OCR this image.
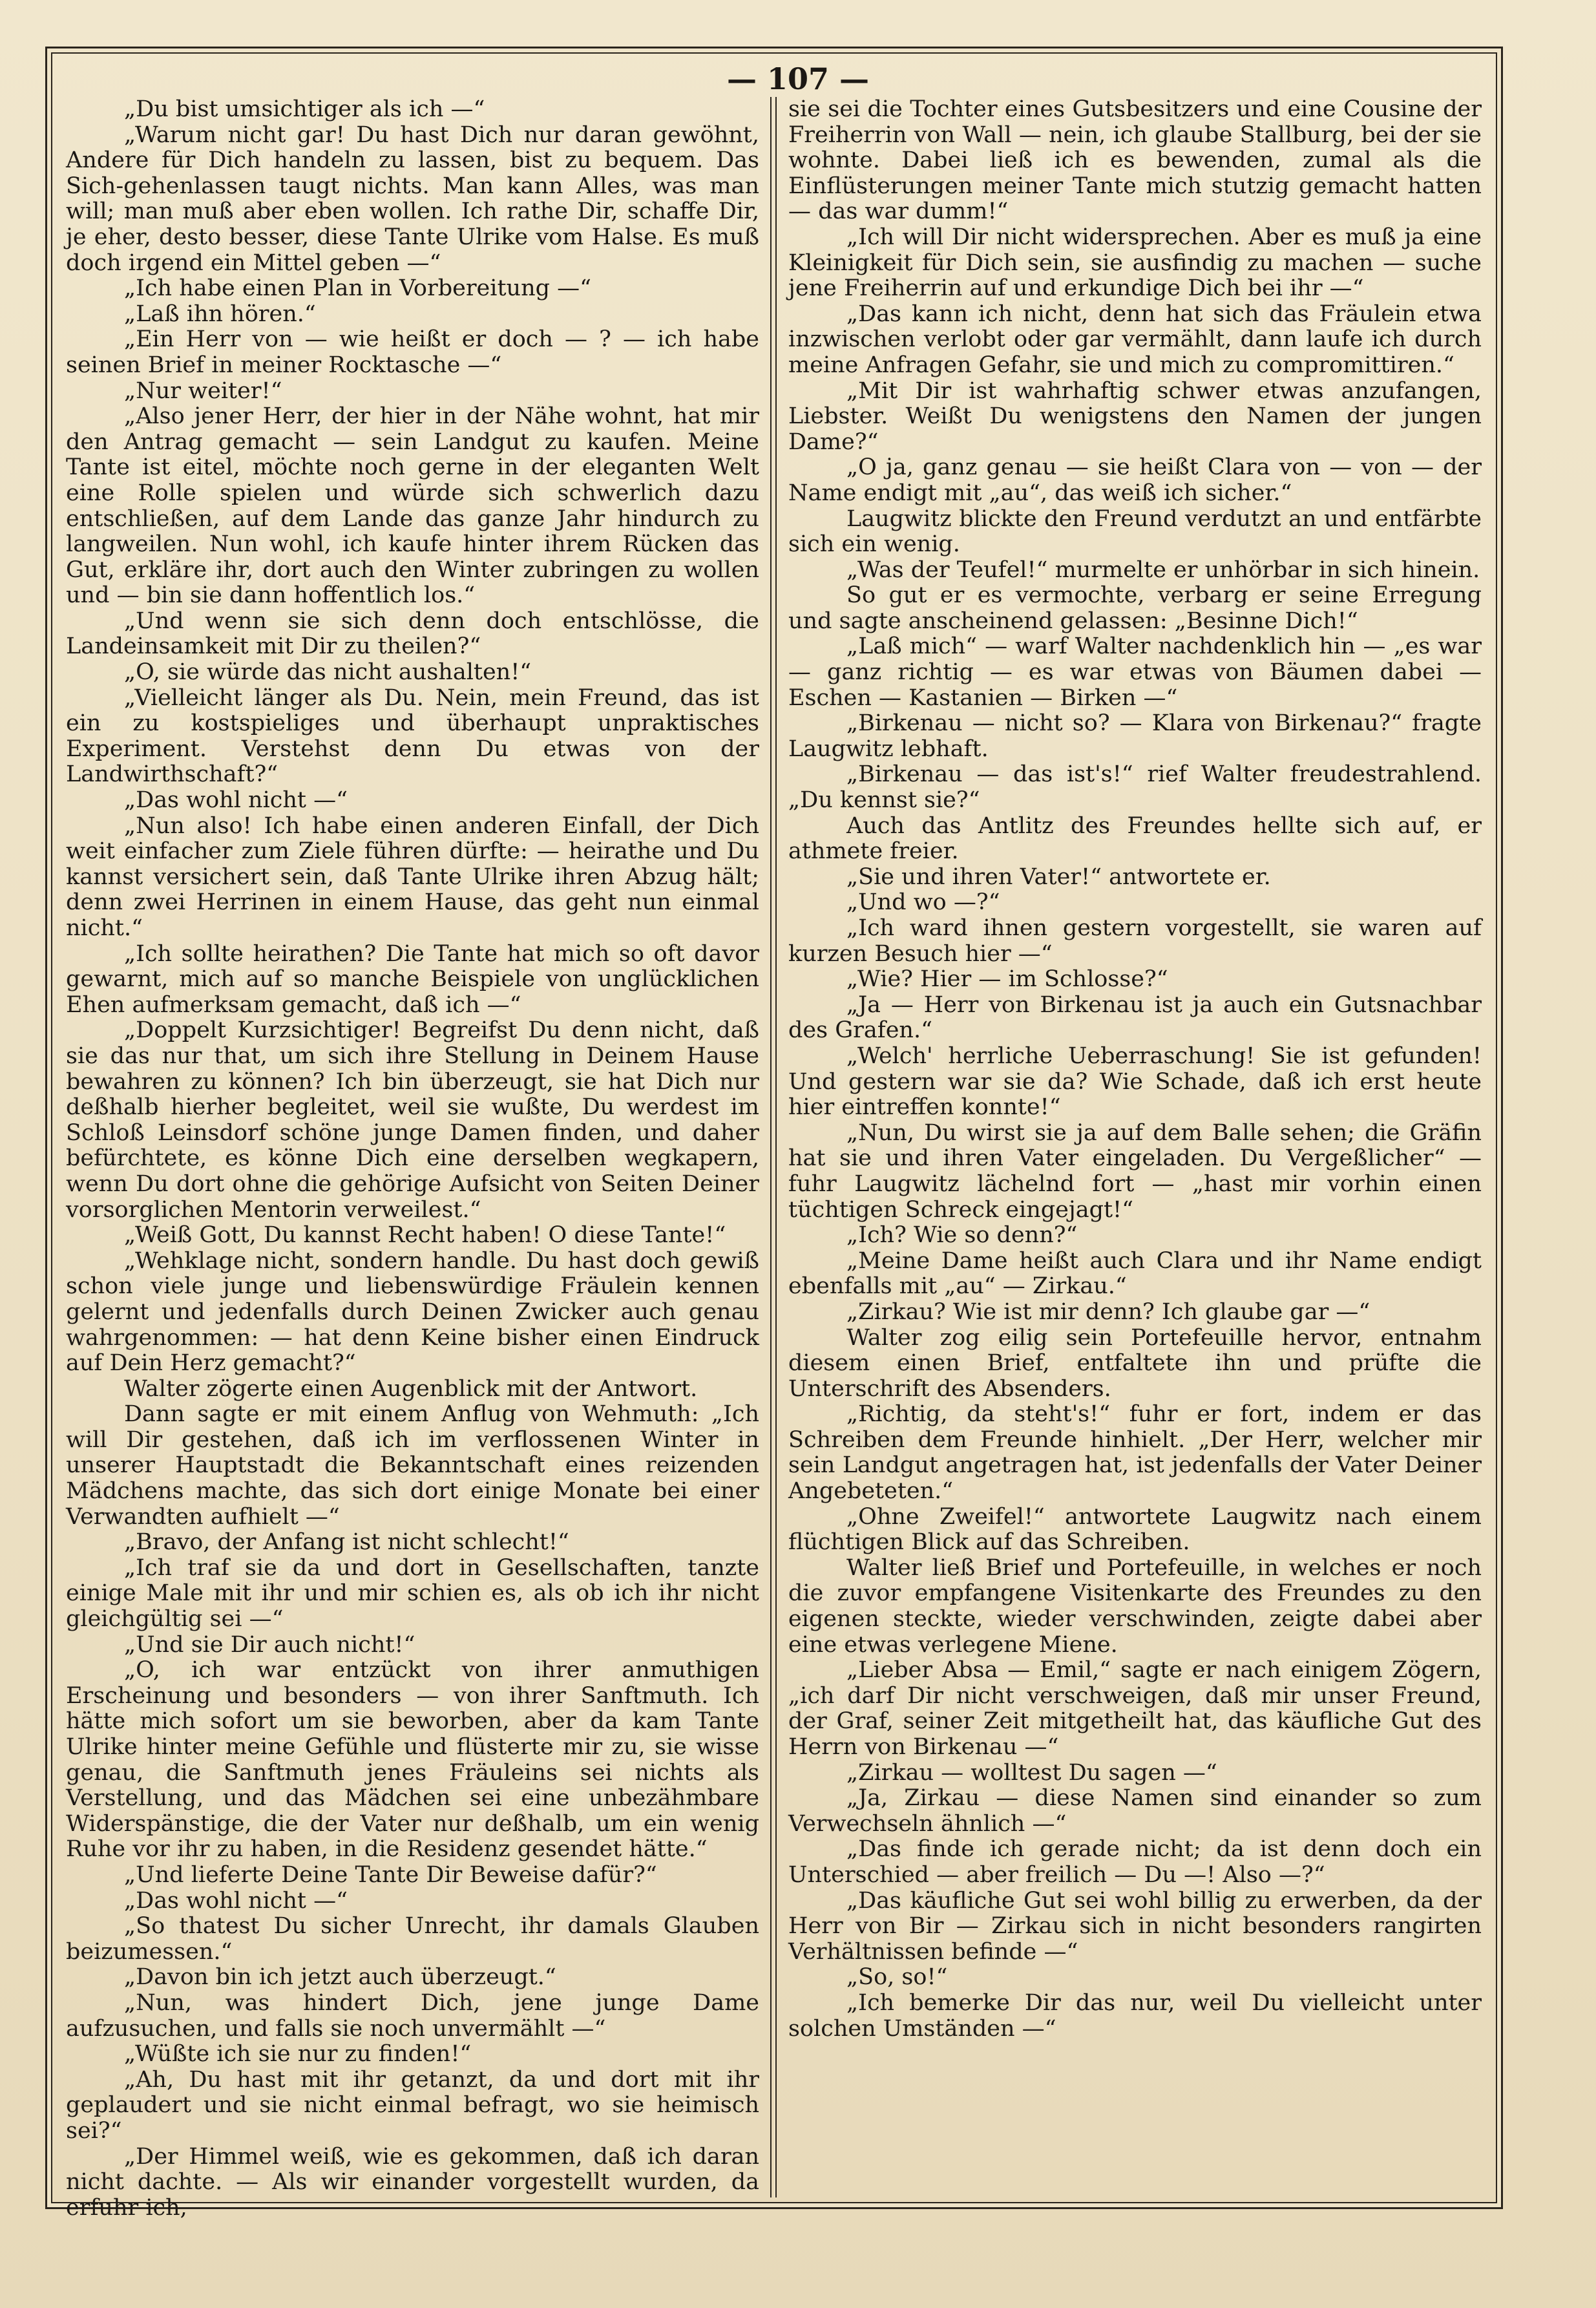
— 107 —

„Du bist umsichtiger als ich —“

„Warum nicht gar! Du hast Dich nur daran gewöhnt, Andere für Dich handeln zu lassen, bist zu bequem. Das Sich-gehenlassen taugt nichts. Man kann Alles, was man will; man muß aber eben wollen. Ich rathe Dir, schaffe Dir, je eher, desto besser, diese Tante Ulrike vom Halse. Es muß doch irgend ein Mittel geben —“

„Ich habe einen Plan in Vorbereitung —“

„Laß ihn hören.“

„Ein Herr von — wie heißt er doch — ? — ich habe seinen Brief in meiner Rocktasche —“

„Nur weiter!“

„Also jener Herr, der hier in der Nähe wohnt, hat mir den Antrag gemacht — sein Landgut zu kaufen. Meine Tante ist eitel, möchte noch gerne in der eleganten Welt eine Rolle spielen und würde sich schwerlich dazu entschließen, auf dem Lande das ganze Jahr hindurch zu langweilen. Nun wohl, ich kaufe hinter ihrem Rücken das Gut, erkläre ihr, dort auch den Winter zubringen zu wollen und — bin sie dann hoffentlich los.“

„Und wenn sie sich denn doch entschlösse, die Landeinsamkeit mit Dir zu theilen?“

„O, sie würde das nicht aushalten!“

„Vielleicht länger als Du. Nein, mein Freund, das ist ein zu kostspieliges und überhaupt unpraktisches Experiment. Verstehst denn Du etwas von der Landwirthschaft?“

„Das wohl nicht —“

„Nun also! Ich habe einen anderen Einfall, der Dich weit einfacher zum Ziele führen dürfte: — heirathe und Du kannst versichert sein, daß Tante Ulrike ihren Abzug hält; denn zwei Herrinen in einem Hause, das geht nun einmal nicht.“

„Ich sollte heirathen? Die Tante hat mich so oft davor gewarnt, mich auf so manche Beispiele von unglücklichen Ehen aufmerksam gemacht, daß ich —“

„Doppelt Kurzsichtiger! Begreifst Du denn nicht, daß sie das nur that, um sich ihre Stellung in Deinem Hause bewahren zu können? Ich bin überzeugt, sie hat Dich nur deßhalb hierher begleitet, weil sie wußte, Du werdest im Schloß Leinsdorf schöne junge Damen finden, und daher befürchtete, es könne Dich eine derselben wegkapern, wenn Du dort ohne die gehörige Aufsicht von Seiten Deiner vorsorglichen Mentorin verweilest.“

„Weiß Gott, Du kannst Recht haben! O diese Tante!“

„Wehklage nicht, sondern handle. Du hast doch gewiß schon viele junge und liebenswürdige Fräulein kennen gelernt und jedenfalls durch Deinen Zwicker auch genau wahrgenommen: — hat denn Keine bisher einen Eindruck auf Dein Herz gemacht?“

Walter zögerte einen Augenblick mit der Antwort.

Dann sagte er mit einem Anflug von Wehmuth: „Ich will Dir gestehen, daß ich im verflossenen Winter in unserer Hauptstadt die Bekanntschaft eines reizenden Mädchens machte, das sich dort einige Monate bei einer Verwandten aufhielt —“

„Bravo, der Anfang ist nicht schlecht!“

„Ich traf sie da und dort in Gesellschaften, tanzte einige Male mit ihr und mir schien es, als ob ich ihr nicht gleichgültig sei —“

„Und sie Dir auch nicht!“

„O, ich war entzückt von ihrer anmuthigen Erscheinung und besonders — von ihrer Sanftmuth. Ich hätte mich sofort um sie beworben, aber da kam Tante Ulrike hinter meine Gefühle und flüsterte mir zu, sie wisse genau, die Sanftmuth jenes Fräuleins sei nichts als Verstellung, und das Mädchen sei eine unbezähmbare Widerspänstige, die der Vater nur deßhalb, um ein wenig Ruhe vor ihr zu haben, in die Residenz gesendet hätte.“

„Und lieferte Deine Tante Dir Beweise dafür?“

„Das wohl nicht —“

„So thatest Du sicher Unrecht, ihr damals Glauben beizumessen.“

„Davon bin ich jetzt auch überzeugt.“

„Nun, was hindert Dich, jene junge Dame aufzusuchen, und falls sie noch unvermählt —“

„Wüßte ich sie nur zu finden!“

„Ah, Du hast mit ihr getanzt, da und dort mit ihr geplaudert und sie nicht einmal befragt, wo sie heimisch sei?“

„Der Himmel weiß, wie es gekommen, daß ich daran nicht dachte. — Als wir einander vorgestellt wurden, da erfuhr ich,

sie sei die Tochter eines Gutsbesitzers und eine Cousine der Freiherrin von Wall — nein, ich glaube Stallburg, bei der sie wohnte. Dabei ließ ich es bewenden, zumal als die Einflüsterungen meiner Tante mich stutzig gemacht hatten — das war dumm!“

„Ich will Dir nicht widersprechen. Aber es muß ja eine Kleinigkeit für Dich sein, sie ausfindig zu machen — suche jene Freiherrin auf und erkundige Dich bei ihr —“

„Das kann ich nicht, denn hat sich das Fräulein etwa inzwischen verlobt oder gar vermählt, dann laufe ich durch meine Anfragen Gefahr, sie und mich zu compromittiren.“

„Mit Dir ist wahrhaftig schwer etwas anzufangen, Liebster. Weißt Du wenigstens den Namen der jungen Dame?“

„O ja, ganz genau — sie heißt Clara von — von — der Name endigt mit „au“, das weiß ich sicher.“

Laugwitz blickte den Freund verdutzt an und entfärbte sich ein wenig.

„Was der Teufel!“ murmelte er unhörbar in sich hinein.

So gut er es vermochte, verbarg er seine Erregung und sagte anscheinend gelassen: „Besinne Dich!“

„Laß mich“ — warf Walter nachdenklich hin — „es war — ganz richtig — es war etwas von Bäumen dabei — Eschen — Kastanien — Birken —“

„Birkenau — nicht so? — Klara von Birkenau?“ fragte Laugwitz lebhaft.

„Birkenau — das ist's!“ rief Walter freudestrahlend. „Du kennst sie?“

Auch das Antlitz des Freundes hellte sich auf, er athmete freier.

„Sie und ihren Vater!“ antwortete er.

„Und wo —?“

„Ich ward ihnen gestern vorgestellt, sie waren auf kurzen Besuch hier —“

„Wie? Hier — im Schlosse?“

„Ja — Herr von Birkenau ist ja auch ein Gutsnachbar des Grafen.“

„Welch' herrliche Ueberraschung! Sie ist gefunden! Und gestern war sie da? Wie Schade, daß ich erst heute hier eintreffen konnte!“

„Nun, Du wirst sie ja auf dem Balle sehen; die Gräfin hat sie und ihren Vater eingeladen. Du Vergeßlicher“ — fuhr Laugwitz lächelnd fort — „hast mir vorhin einen tüchtigen Schreck eingejagt!“

„Ich? Wie so denn?“

„Meine Dame heißt auch Clara und ihr Name endigt ebenfalls mit „au“ — Zirkau.“

„Zirkau? Wie ist mir denn? Ich glaube gar —“

Walter zog eilig sein Portefeuille hervor, entnahm diesem einen Brief, entfaltete ihn und prüfte die Unterschrift des Absenders.

„Richtig, da steht's!“ fuhr er fort, indem er das Schreiben dem Freunde hinhielt. „Der Herr, welcher mir sein Landgut angetragen hat, ist jedenfalls der Vater Deiner Angebeteten.“

„Ohne Zweifel!“ antwortete Laugwitz nach einem flüchtigen Blick auf das Schreiben.

Walter ließ Brief und Portefeuille, in welches er noch die zuvor empfangene Visitenkarte des Freundes zu den eigenen steckte, wieder verschwinden, zeigte dabei aber eine etwas verlegene Miene.

„Lieber Absa — Emil,“ sagte er nach einigem Zögern, „ich darf Dir nicht verschweigen, daß mir unser Freund, der Graf, seiner Zeit mitgetheilt hat, das käufliche Gut des Herrn von Birkenau —“

„Zirkau — wolltest Du sagen —“

„Ja, Zirkau — diese Namen sind einander so zum Verwechseln ähnlich —“

„Das finde ich gerade nicht; da ist denn doch ein Unterschied — aber freilich — Du —! Also —?“

„Das käufliche Gut sei wohl billig zu erwerben, da der Herr von Bir — Zirkau sich in nicht besonders rangirten Verhältnissen befinde —“

„So, so!“

„Ich bemerke Dir das nur, weil Du vielleicht unter solchen Umständen —“
